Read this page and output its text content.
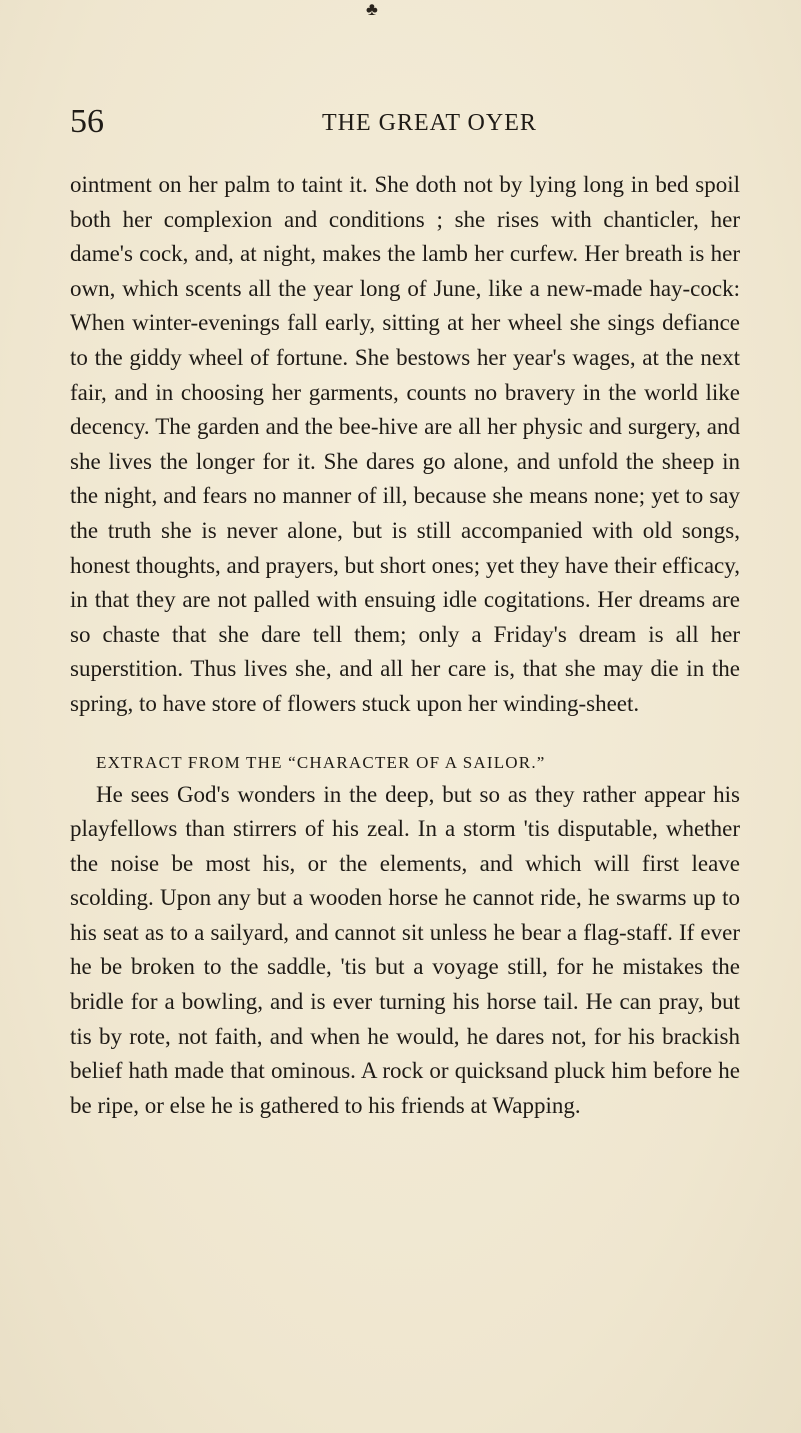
♣
56	THE GREAT OYER

ointment on her palm to taint it. She doth not by lying long in bed spoil both her complexion and conditions ; she rises with chanticler, her dame's cock, and, at night, makes the lamb her curfew. Her breath is her own, which scents all the year long of June, like a new-made hay-cock: When winter-evenings fall early, sitting at her wheel she sings defiance to the giddy wheel of fortune. She bestows her year's wages, at the next fair, and in choosing her garments, counts no bravery in the world like decency. The garden and the bee-hive are all her physic and surgery, and she lives the longer for it. She dares go alone, and unfold the sheep in the night, and fears no manner of ill, because she means none; yet to say the truth she is never alone, but is still accompanied with old songs, honest thoughts, and prayers, but short ones; yet they have their efficacy, in that they are not palled with ensuing idle cogitations. Her dreams are so chaste that she dare tell them; only a Friday's dream is all her superstition. Thus lives she, and all her care is, that she may die in the spring, to have store of flowers stuck upon her winding-sheet.

EXTRACT FROM THE “CHARACTER OF A SAILOR.”

He sees God's wonders in the deep, but so as they rather appear his playfellows than stirrers of his zeal. In a storm 'tis disputable, whether the noise be most his, or the elements, and which will first leave scolding. Upon any but a wooden horse he cannot ride, he swarms up to his seat as to a sailyard, and cannot sit unless he bear a flag-staff. If ever he be broken to the saddle, 'tis but a voyage still, for he mistakes the bridle for a bowling, and is ever turning his horse tail. He can pray, but tis by rote, not faith, and when he would, he dares not, for his brackish belief hath made that ominous. A rock or quicksand pluck him before he be ripe, or else he is gathered to his friends at Wapping.
